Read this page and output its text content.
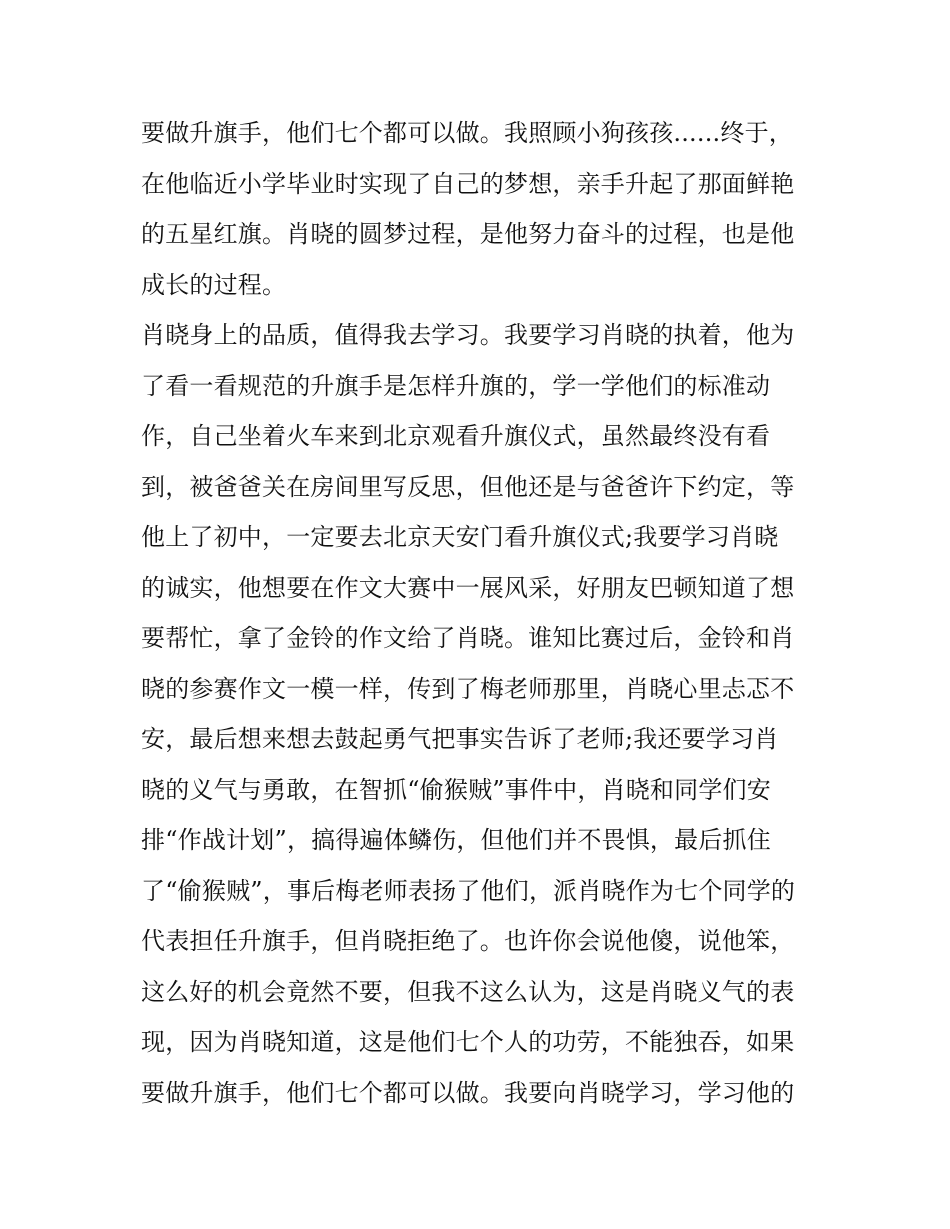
要做升旗手，他们七个都可以做。我照顾小狗孩孩......终于，
在他临近小学毕业时实现了自己的梦想，亲手升起了那面鲜艳
的五星红旗。肖晓的圆梦过程，是他努力奋斗的过程，也是他
成长的过程。
肖晓身上的品质，值得我去学习。我要学习肖晓的执着，他为
了看一看规范的升旗手是怎样升旗的，学一学他们的标准动
作，自己坐着火车来到北京观看升旗仪式，虽然最终没有看
到，被爸爸关在房间里写反思，但他还是与爸爸许下约定，等
他上了初中，一定要去北京天安门看升旗仪式;我要学习肖晓
的诚实，他想要在作文大赛中一展风采，好朋友巴顿知道了想
要帮忙，拿了金铃的作文给了肖晓。谁知比赛过后，金铃和肖
晓的参赛作文一模一样，传到了梅老师那里，肖晓心里忐忑不
安，最后想来想去鼓起勇气把事实告诉了老师;我还要学习肖
晓的义气与勇敢，在智抓“偷猴贼”事件中，肖晓和同学们安
排“作战计划”，搞得遍体鳞伤，但他们并不畏惧，最后抓住
了“偷猴贼”，事后梅老师表扬了他们，派肖晓作为七个同学的
代表担任升旗手，但肖晓拒绝了。也许你会说他傻，说他笨，
这么好的机会竟然不要，但我不这么认为，这是肖晓义气的表
现，因为肖晓知道，这是他们七个人的功劳，不能独吞，如果
要做升旗手，他们七个都可以做。我要向肖晓学习，学习他的
